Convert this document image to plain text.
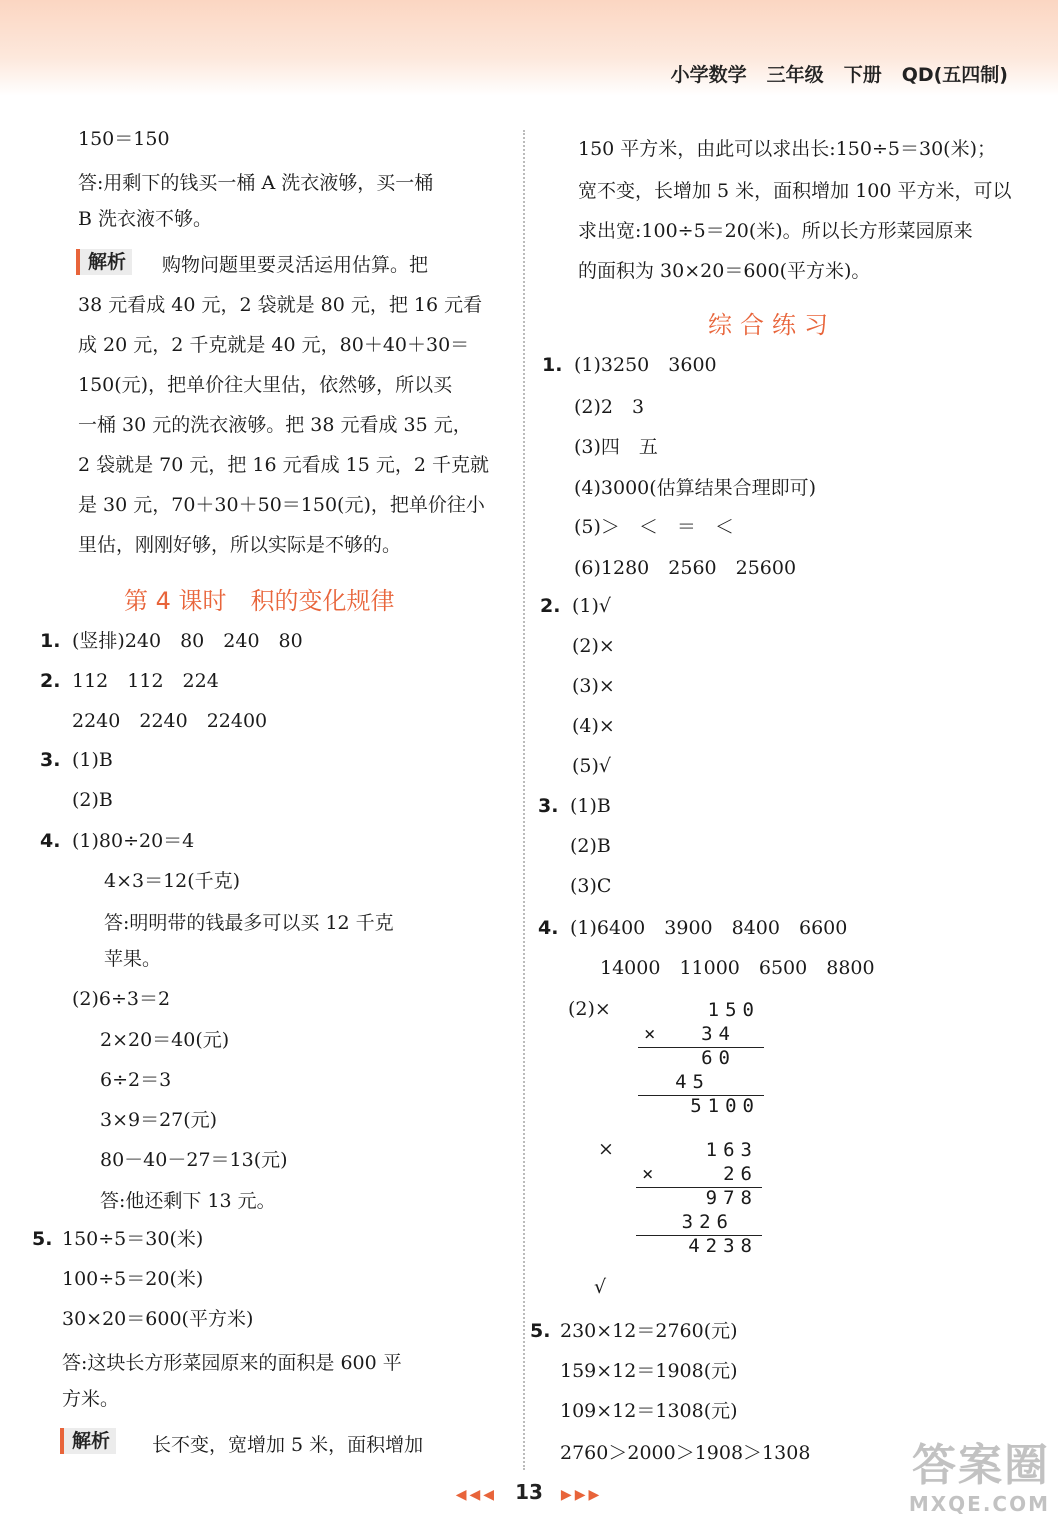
小学数学 三年级 下册 QD(五四制)
150＝150
答:用剩下的钱买一桶 A 洗衣液够，买一桶
B 洗衣液不够。
解析	购物问题里要灵活运用估算。把
38 元看成 40 元，2 袋就是 80 元，把 16 元看
成 20 元，2 千克就是 40 元，80＋40＋30＝
150(元)，把单价往大里估，依然够，所以买
一桶 30 元的洗衣液够。把 38 元看成 35 元，
2 袋就是 70 元，把 16 元看成 15 元，2 千克就
是 30 元，70＋30＋50＝150(元)，把单价往小
里估，刚刚好够，所以实际是不够的。
第 4 课时　积的变化规律
1. (竖排)240　80　240　80
2. 112　112　224
2240　2240　22400
3. (1)B
(2)B
4. (1)80÷20＝4
4×3＝12(千克)
答:明明带的钱最多可以买 12 千克
苹果。
(2)6÷3＝2
2×20＝40(元)
6÷2＝3
3×9＝27(元)
80－40－27＝13(元)
答:他还剩下 13 元。
5. 150÷5＝30(米)
100÷5＝20(米)
30×20＝600(平方米)
答:这块长方形菜园原来的面积是 600 平
方米。
解析	长不变，宽增加 5 米，面积增加
150 平方米，由此可以求出长:150÷5＝30(米)；
宽不变，长增加 5 米，面积增加 100 平方米，可以
求出宽:100÷5＝20(米)。所以长方形菜园原来
的面积为 30×20＝600(平方米)。
综合练习
1. (1)3250　3600
(2)2　3
(3)四　五
(4)3000(估算结果合理即可)
(5)＞　＜　＝　＜
(6)1280　2560　25600
2. (1)√
(2)×
(3)×
(4)×
(5)√
3. (1)B
(2)B
(3)C
4. (1)6400　3900　8400　6600
14000　11000　6500　8800
(2)×	150
× 34
60
45
5100
×	163
×	26
978
326
4238
√
5. 230×12＝2760(元)
159×12＝1908(元)
109×12＝1308(元)
2760＞2000＞1908＞1308
◀◀◀ 13 ▶▶▶
答案圈
MXQE.COM
